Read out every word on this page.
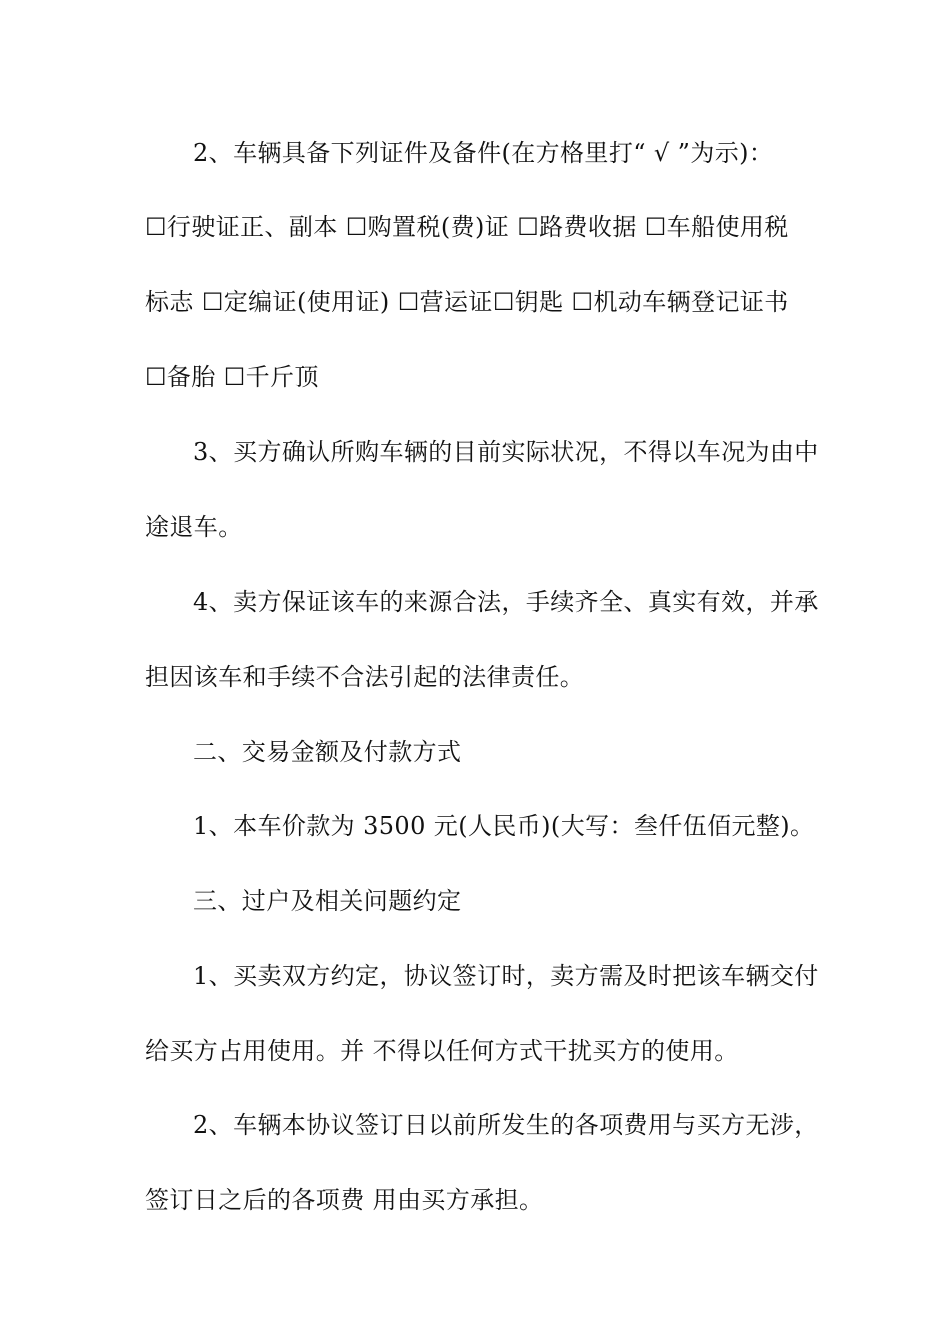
2、车辆具备下列证件及备件(在方格里打“ √ ”为示)：
☐行驶证正、副本 ☐购置税(费)证 ☐路费收据 ☐车船使用税
标志 ☐定编证(使用证) ☐营运证☐钥匙 ☐机动车辆登记证书
☐备胎 ☐千斤顶
3、买方确认所购车辆的目前实际状况，不得以车况为由中
途退车。
4、卖方保证该车的来源合法，手续齐全、真实有效，并承
担因该车和手续不合法引起的法律责任。
二、交易金额及付款方式
1、本车价款为 3500 元(人民币)(大写：叁仟伍佰元整)。
三、过户及相关问题约定
1、买卖双方约定，协议签订时，卖方需及时把该车辆交付
给买方占用使用。并 不得以任何方式干扰买方的使用。
2、车辆本协议签订日以前所发生的各项费用与买方无涉，
签订日之后的各项费 用由买方承担。
